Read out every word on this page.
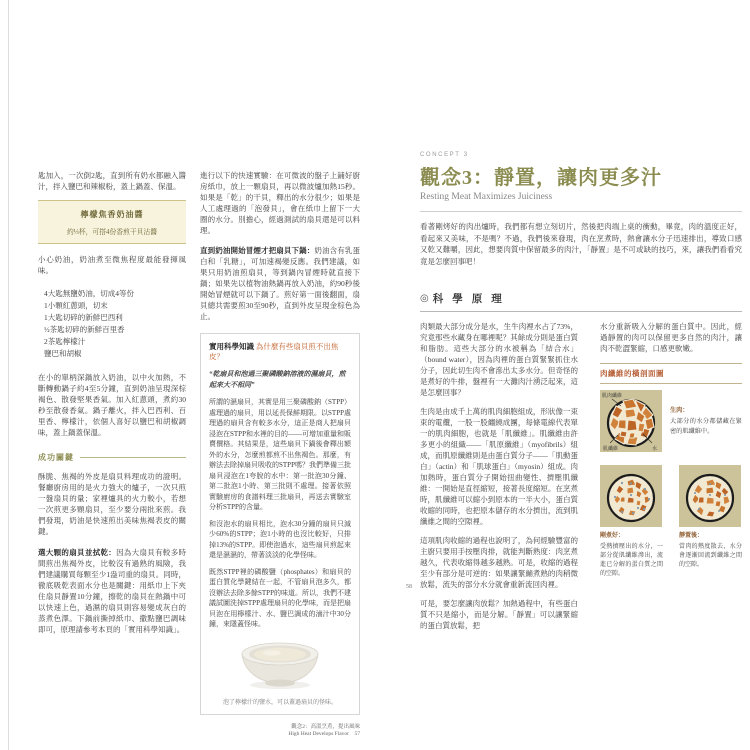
匙加入，一次倒2匙，直到所有奶水都融入醬汁，拌入鹽巴和辣椒粉，蓋上鍋蓋、保溫。

檸檬焦香奶油醬
約⅓杯，可搭4份香煎干貝沾醬

小心奶油，奶油煮至微焦程度最能發揮風味。

4大匙無鹽奶油，切成4等份
1小顆紅蔥頭，切末
1大匙切碎的新鮮巴西利
½茶匙切碎的新鮮百里香
2茶匙檸檬汁
鹽巴和胡椒

在小的單柄深鍋放入奶油，以中火加熱，不斷轉動鍋子約4至5分鐘，直到奶油呈現深棕褐色、散發堅果香氣。加入紅蔥頭，煮約30秒至散發香氣。鍋子離火，拌入巴西利、百里香、檸檬汁，依個人喜好以鹽巴和胡椒調味，蓋上鍋蓋保溫。

成功關鍵

酥脆、焦褐的外皮是扇貝料理成功的證明。餐廳廚房用的是火力強大的爐子，一次只煎一盤扇貝的量；家裡爐具的火力較小，若想一次煎更多顆扇貝，至少要分兩批來煎。我們發現，奶油是快速煎出美味焦褐表皮的關鍵。

選大顆的扇貝並拭乾：因為大扇貝有較多時間煎出焦褐外皮，比較沒有過熟的風險，我們建議購買每顆至少1盎司重的扇貝。同時，徹底吸乾表面水分也是關鍵：用紙巾上下夾住扇貝靜置10分鐘，擦乾的扇貝在熱鍋中可以快速上色，過濕的扇貝則容易變成灰白的蒸煮色澤。下鍋前撕掉紙巾、撒點鹽巴調味即可，原理請參考本頁的「實用科學知識」。

進行以下的快速實驗：在可微波的盤子上鋪好廚房紙巾，放上一顆扇貝，再以微波爐加熱15秒。如果是「乾」的干貝，釋出的水分很少；如果是人工處理過的「泡發貝」，會在紙巾上留下一大圈的水分。別擔心，經過測試的扇貝還是可以料理。

直到奶油開始冒煙才把扇貝下鍋：奶油含有乳蛋白和「乳糖」，可加速褐變反應。我們建議，如果只用奶油煎扇貝，等到鍋內冒煙時就直接下鍋；如果先以植物油熱鍋再放入奶油，約90秒後開始冒煙就可以下鍋了。煎好第一面後翻面，扇貝總共需要煎30至90秒，直到外皮呈現金棕色為止。

實用科學知識 為什麼有些扇貝煎不出焦皮？
“乾扇貝和泡過三聚磷酸鈉溶液的濕扇貝，煎起來大不相同”

所謂的濕扇貝，其實是用三聚磷酸鈉（STPP）處理過的扇貝，用以延長保鮮期限。以STPP處理過的扇貝含有較多水分，這正是商人把扇貝浸泡在STPP和水裡的目的——可增加重量和販賣價格。其結果是，這些扇貝下鍋後會釋出額外的水分，怎麼煎都煎不出焦褐色。那麼，有辦法去除掉扇貝吸收的STPP嗎？我們準備三批扇貝浸泡在1夸脫的水中：第一批泡30分鐘、第二批泡1小時、第三批則不處理。接著依照實驗廚房的食譜料理三批扇貝，再送去實驗室分析STPP的含量。

和沒泡水的扇貝相比，泡水30分鐘的扇貝只減少60%的STPP；泡1小時的也沒比較好，只排掉13%的STPP。即使泡過水，這些扇貝煎起來還是濕濕的，帶著淡淡的化學怪味。

既然STPP裡的磷酸鹽（phosphates）和扇貝的蛋白質化學鍵結在一起，不管扇貝泡多久，都沒辦法去除多餘STPP的味道。所以，我們不建議試圖洗掉STPP處理扇貝的化學味，而是把扇貝泡在用檸檬汁、水、鹽巴調成的滷汁中30分鐘，來隱蓋怪味。

泡了檸檬汁的鹽水，可以蓋過扇貝的怪味。
觀念2：高溫烹煮，提出風味
High Heat Develops Flavor　57
CONCEPT 3
觀念3：靜置，讓肉更多汁
Resting Meat Maximizes Juiciness

看著剛烤好的肉出爐時，我們都有想立刻切片，然後把肉端上桌的衝動，畢竟，肉的溫度正好，看起來又美味，不是嗎？不過，我們後來發現，肉在烹煮時，熱會讓水分子迅速排出，導致口感又乾又難嚼，因此，想要肉質中保留最多的肉汁，「靜置」是不可或缺的技巧，來，讓我們看看究竟是怎麼回事吧！

◎ 科學原理

肉類最大部分成分是水，生牛肉裡水占了73%，究竟那些水藏身在哪裡呢？其餘成分則是蛋白質和脂肪。這些大部分的水被稱為「結合水」（bound water），因為肉裡的蛋白質緊緊抓住水分子，因此切生肉不會滲出太多水分。但奇怪的是煮好的牛排，盤裡有一大灘肉汁湧泛起來，這是怎麼回事？

生肉是由成千上萬的肌肉細胞組成，形狀像一束束的電纜，一股一股纏繞成團，每條電線代表單一的肌肉細胞，也就是「肌纖維」。肌纖維由許多更小的組織——「肌原纖維」（myofibrils）組成，而肌原纖維則是由蛋白質分子——「肌動蛋白」（actin）和「肌球蛋白」（myosin）組成。肉加熱時，蛋白質分子開始扭曲變性、擠壓肌纖維：一開始是直徑縮短，接著長度縮短。在烹煮時，肌纖維可以縮小到原本的一半大小，蛋白質收縮的同時，也把原本儲存的水分擠出，流到肌纖維之間的空隙裡。

這項肌肉收縮的過程也說明了，為何經驗豐富的主廚只要用手按壓肉排，就能判斷熟度：肉烹煮越久，代表收縮得越多越熟。可是，收縮的過程至少有部分是可逆的：如果讓緊繃煮熟的肉稍微放鬆，流失的部分水分就會重新流回肉裡。

可是，要怎麼讓肉放鬆？加熱過程中，有些蛋白質不只是縮小，而是分解。「靜置」可以讓緊縮的蛋白質放鬆，把

水分重新吸入分解的蛋白質中。因此，經過靜置的肉可以保留更多自然的肉汁，讓肉不乾澀緊縮，口感更軟嫩。

肉纖維的橫剖面圖
肌肉纖維
肌纖維	水
生肉：
大部分的水分都儲藏在緊密的肌纖維中。
剛煮好：
受熱擠壓出的水分，一部分從肌纖維滲出，流進已分解的蛋白質之間的空隙。
靜置後：
當肉的熱度散去，水分會逐漸回流到纖維之間的空隙。
58
